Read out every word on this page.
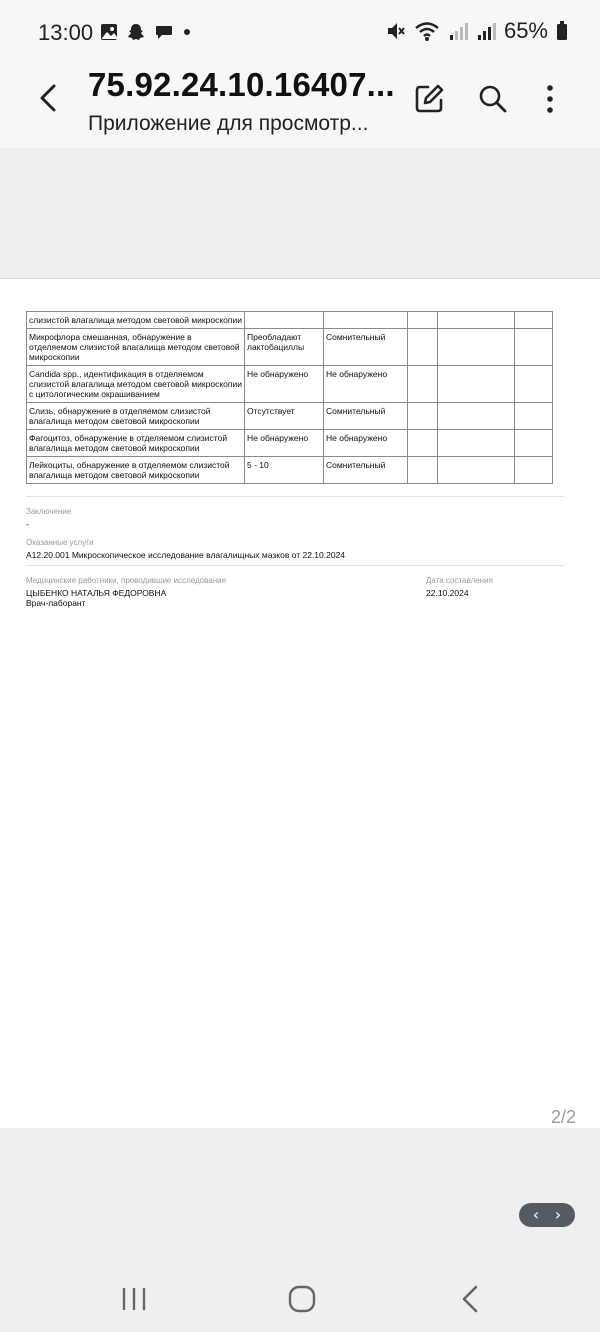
13:00	65%
75.92.24.10.16407...
Приложение для просмотр...
слизистой влагалища методом световой микроскопии					
Микрофлора смешанная, обнаружение в отделяемом слизистой влагалища методом световой микроскопии	Преобладают лактобациллы	Сомнительный			
Candida spp., идентификация в отделяемом слизистой влагалища методом световой микроскопии с цитологическим окрашиванием	Не обнаружено	Не обнаружено			
Слизь, обнаружение в отделяемом слизистой влагалища методом световой микроскопии	Отсутствует	Сомнительный			
Фагоцитоз, обнаружение в отделяемом слизистой влагалища методом световой микроскопии	Не обнаружено	Не обнаружено			
Лейкоциты, обнаружение в отделяемом слизистой влагалища методом световой микроскопии	5 - 10	Сомнительный			
Заключение
-
Оказанные услуги
A12.20.001 Микроскопическое исследование влагалищных мазков от 22.10.2024
Медицинские работники, проводившие исследование
ЦЫБЕНКО НАТАЛЬЯ ФЕДОРОВНА
Врач-лаборант
Дата составления
22.10.2024
2/2
‹ ›
